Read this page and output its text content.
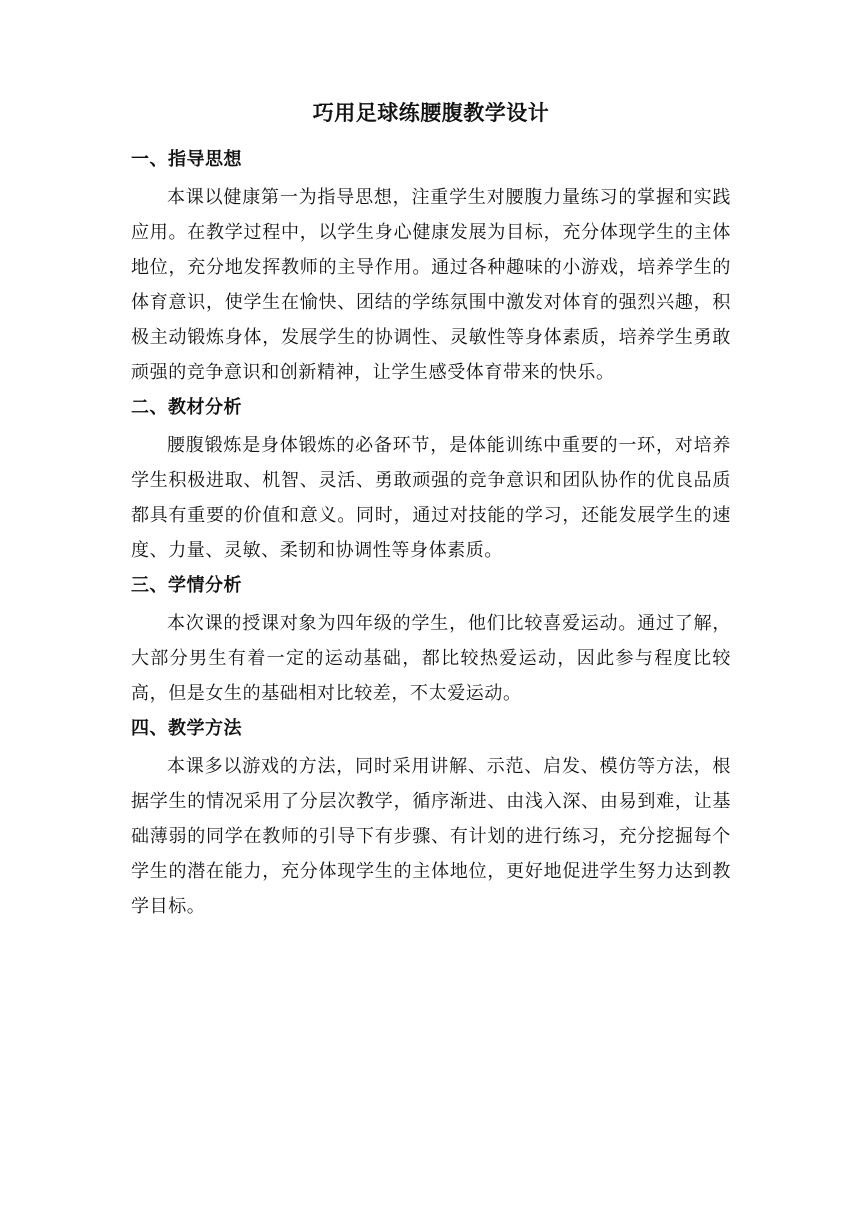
巧用足球练腰腹教学设计
一、指导思想

本课以健康第一为指导思想，注重学生对腰腹力量练习的掌握和实践应用。在教学过程中，以学生身心健康发展为目标，充分体现学生的主体地位，充分地发挥教师的主导作用。通过各种趣味的小游戏，培养学生的体育意识，使学生在愉快、团结的学练氛围中激发对体育的强烈兴趣，积极主动锻炼身体，发展学生的协调性、灵敏性等身体素质，培养学生勇敢顽强的竞争意识和创新精神，让学生感受体育带来的快乐。

二、教材分析

腰腹锻炼是身体锻炼的必备环节，是体能训练中重要的一环，对培养学生积极进取、机智、灵活、勇敢顽强的竞争意识和团队协作的优良品质都具有重要的价值和意义。同时，通过对技能的学习，还能发展学生的速度、力量、灵敏、柔韧和协调性等身体素质。

三、学情分析

本次课的授课对象为四年级的学生，他们比较喜爱运动。通过了解，大部分男生有着一定的运动基础，都比较热爱运动，因此参与程度比较高，但是女生的基础相对比较差，不太爱运动。

四、教学方法

本课多以游戏的方法，同时采用讲解、示范、启发、模仿等方法，根据学生的情况采用了分层次教学，循序渐进、由浅入深、由易到难，让基础薄弱的同学在教师的引导下有步骤、有计划的进行练习，充分挖掘每个学生的潜在能力，充分体现学生的主体地位，更好地促进学生努力达到教学目标。
